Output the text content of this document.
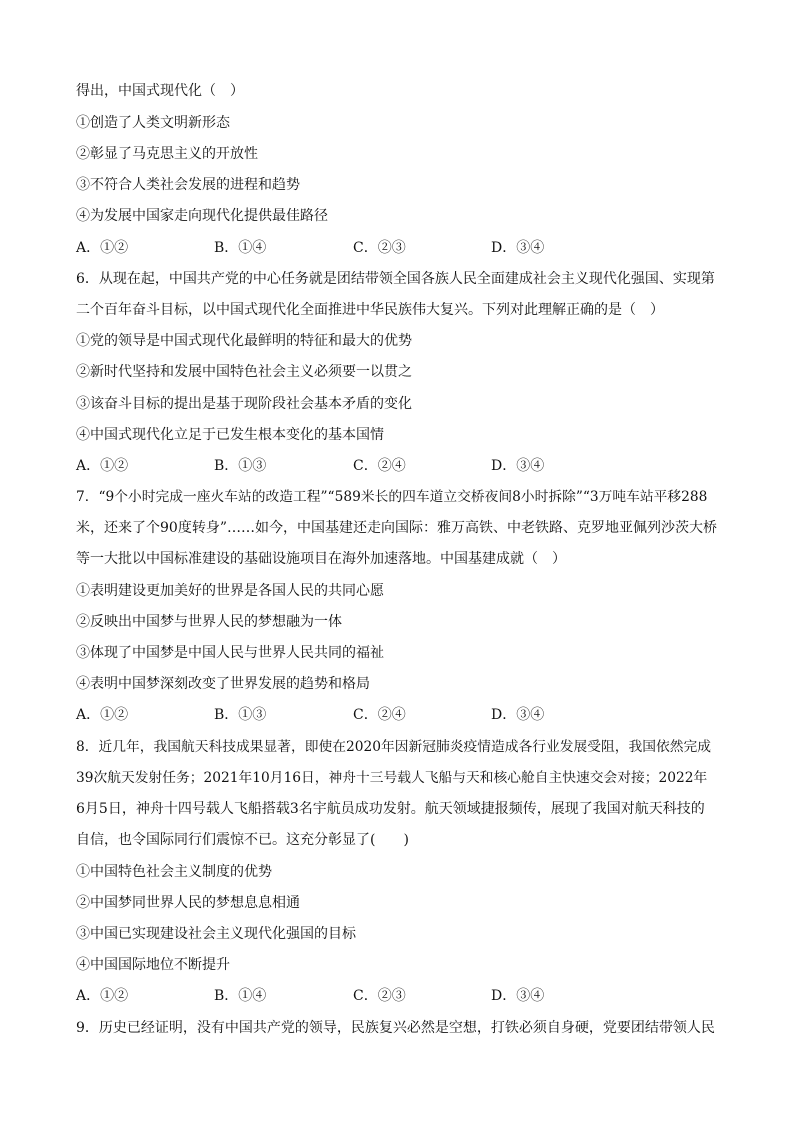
得出，中国式现代化（　）
①创造了人类文明新形态
②彰显了马克思主义的开放性
③不符合人类社会发展的进程和趋势
④为发展中国家走向现代化提供最佳路径
A．①②	B．①④	C．②③	D．③④
6．从现在起，中国共产党的中心任务就是团结带领全国各族人民全面建成社会主义现代化强国、实现第
二个百年奋斗目标，以中国式现代化全面推进中华民族伟大复兴。下列对此理解正确的是（　）
①党的领导是中国式现代化最鲜明的特征和最大的优势
②新时代坚持和发展中国特色社会主义必须要一以贯之
③该奋斗目标的提出是基于现阶段社会基本矛盾的变化
④中国式现代化立足于已发生根本变化的基本国情
A．①②	B．①③	C．②④	D．③④
7．“9个小时完成一座火车站的改造工程”“589米长的四车道立交桥夜间8小时拆除”“3万吨车站平移288
米，还来了个90度转身”……如今，中国基建还走向国际：雅万高铁、中老铁路、克罗地亚佩列沙茨大桥
等一大批以中国标准建设的基础设施项目在海外加速落地。中国基建成就（　）
①表明建设更加美好的世界是各国人民的共同心愿
②反映出中国梦与世界人民的梦想融为一体
③体现了中国梦是中国人民与世界人民共同的福祉
④表明中国梦深刻改变了世界发展的趋势和格局
A．①②	B．①③	C．②④	D．③④
8．近几年，我国航天科技成果显著，即使在2020年因新冠肺炎疫情造成各行业发展受阻，我国依然完成
39次航天发射任务；2021年10月16日，神舟十三号载人飞船与天和核心舱自主快速交会对接；2022年
6月5日，神舟十四号载人飞船搭载3名宇航员成功发射。航天领域捷报频传，展现了我国对航天科技的
自信，也令国际同行们震惊不已。这充分彰显了(　　)
①中国特色社会主义制度的优势
②中国梦同世界人民的梦想息息相通
③中国已实现建设社会主义现代化强国的目标
④中国国际地位不断提升
A．①②	B．①④	C．②③	D．③④
9．历史已经证明，没有中国共产党的领导，民族复兴必然是空想，打铁必须自身硬，党要团结带领人民
